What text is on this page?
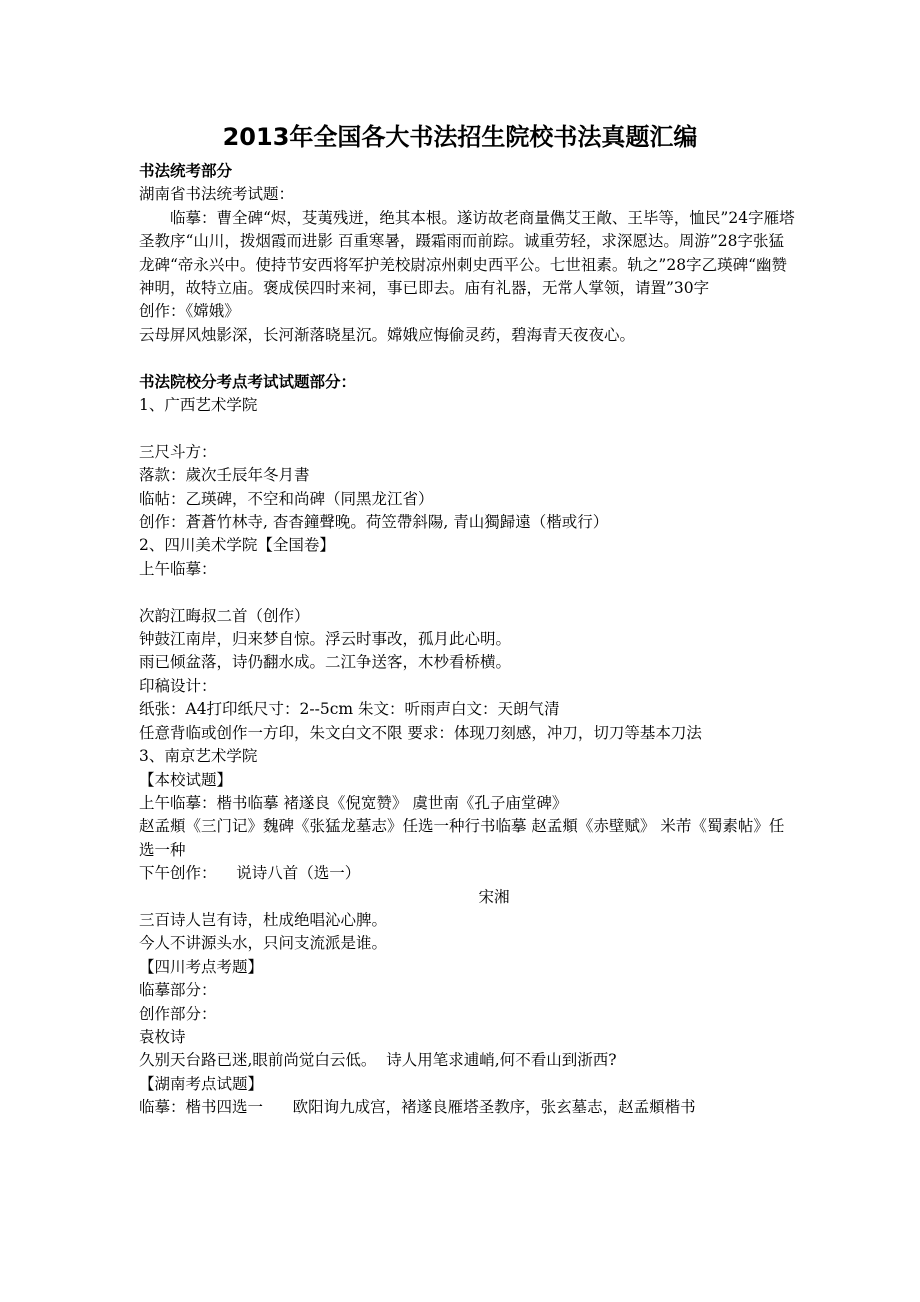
2013年全国各大书法招生院校书法真题汇编
书法统考部分
湖南省书法统考试题：
临摹：曹全碑“烬，芟荑残迸，绝其本根。遂访故老商量儁艾王敞、王毕等，恤民”24字雁塔圣教序“山川，拨烟霞而进影 百重寒暑，蹑霜雨而前踪。诚重劳轻，求深愿达。周游”28字张猛龙碑“帝永兴中。使持节安西将军护羌校尉凉州刺史西平公。七世祖素。轨之”28字乙瑛碑“幽赞神明，故特立庙。褒成侯四时来祠，事已即去。庙有礼器，无常人掌领，请置”30字
创作：《嫦娥》
云母屏风烛影深，长河渐落晓星沉。嫦娥应悔偷灵药，碧海青天夜夜心。
书法院校分考点考试试题部分：
1、广西艺术学院
三尺斗方：
落款：歲次壬辰年冬月書
临帖：乙瑛碑，不空和尚碑（同黑龙江省）
创作：蒼蒼竹林寺, 杳杳鐘聲晚。荷笠帶斜陽, 青山獨歸遠（楷或行）
2、四川美术学院【全国卷】
上午临摹：
次韵江晦叔二首（创作）
钟鼓江南岸，归来梦自惊。浮云时事改，孤月此心明。
雨已倾盆落，诗仍翻水成。二江争送客，木杪看桥横。
印稿设计：
纸张：A4打印纸尺寸：2--5cm 朱文：听雨声白文：天朗气清
任意背临或创作一方印，朱文白文不限 要求：体现刀刻感，冲刀，切刀等基本刀法
3、南京艺术学院
【本校试题】
上午临摹：楷书临摹 褚遂良《倪宽赞》 虞世南《孔子庙堂碑》
赵孟頫《三门记》魏碑《张猛龙墓志》任选一种行书临摹 赵孟頫《赤壁赋》 米芾《蜀素帖》任选一种
下午创作：    说诗八首（选一）
宋湘
三百诗人岂有诗，杜成绝唱沁心脾。
今人不讲源头水，只问支流派是谁。
【四川考点考题】
临摹部分：
创作部分：
袁枚诗
久别天台路已迷,眼前尚觉白云低。  诗人用笔求逋峭,何不看山到浙西?
【湖南考点试题】
临摹：楷书四选一      欧阳询九成宫，褚遂良雁塔圣教序，张玄墓志，赵孟頫楷书
